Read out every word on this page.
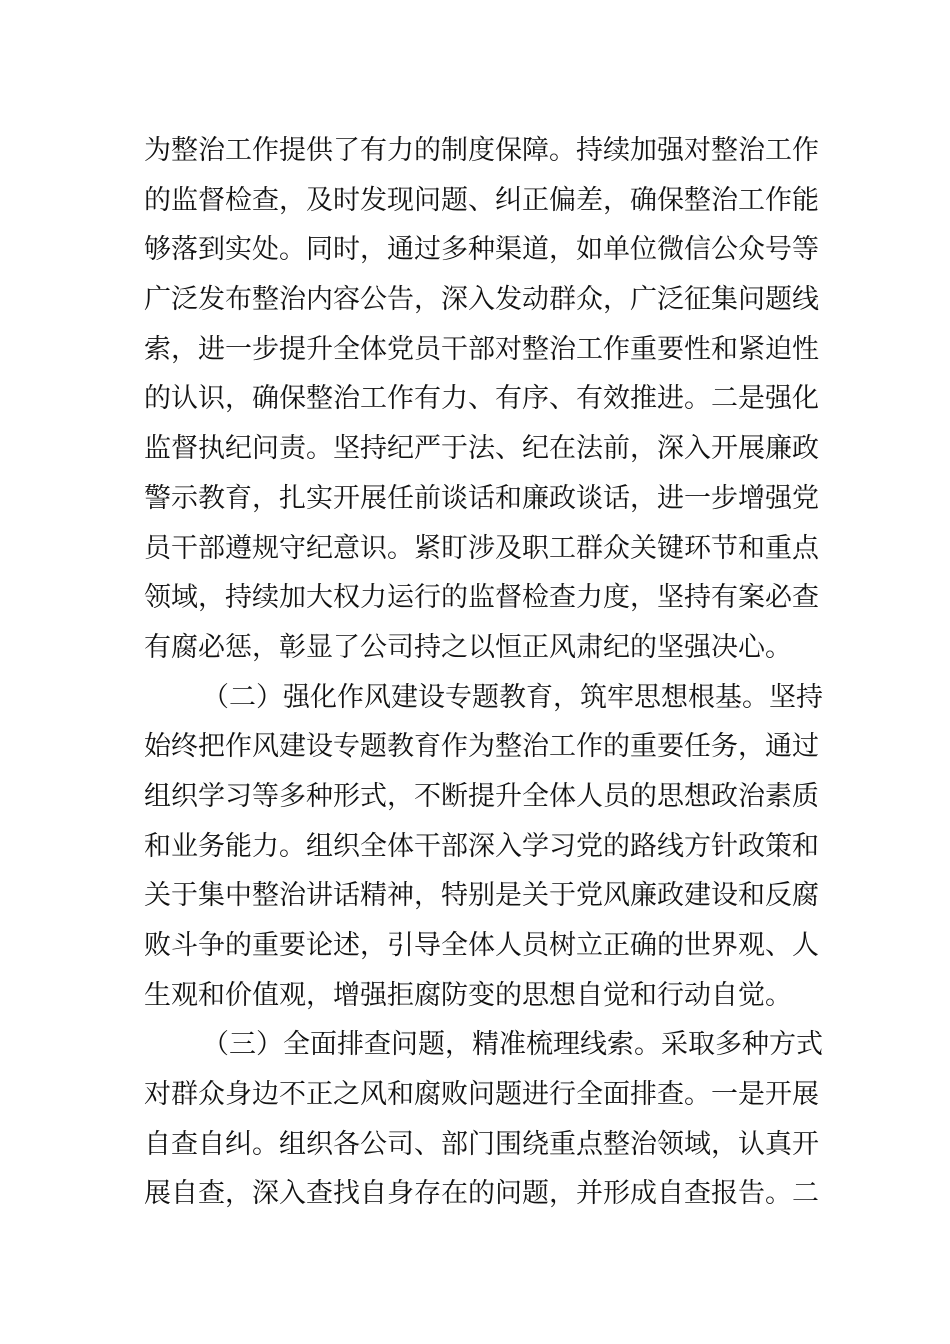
为整治工作提供了有力的制度保障。持续加强对整治工作
的监督检查，及时发现问题、纠正偏差，确保整治工作能
够落到实处。同时，通过多种渠道，如单位微信公众号等
广泛发布整治内容公告，深入发动群众，广泛征集问题线
索，进一步提升全体党员干部对整治工作重要性和紧迫性
的认识，确保整治工作有力、有序、有效推进。二是强化
监督执纪问责。坚持纪严于法、纪在法前，深入开展廉政
警示教育，扎实开展任前谈话和廉政谈话，进一步增强党
员干部遵规守纪意识。紧盯涉及职工群众关键环节和重点
领域，持续加大权力运行的监督检查力度，坚持有案必查
有腐必惩，彰显了公司持之以恒正风肃纪的坚强决心。
（二）强化作风建设专题教育，筑牢思想根基。坚持
始终把作风建设专题教育作为整治工作的重要任务，通过
组织学习等多种形式，不断提升全体人员的思想政治素质
和业务能力。组织全体干部深入学习党的路线方针政策和
关于集中整治讲话精神，特别是关于党风廉政建设和反腐
败斗争的重要论述，引导全体人员树立正确的世界观、人
生观和价值观，增强拒腐防变的思想自觉和行动自觉。
（三）全面排查问题，精准梳理线索。采取多种方式
对群众身边不正之风和腐败问题进行全面排查。一是开展
自查自纠。组织各公司、部门围绕重点整治领域，认真开
展自查，深入查找自身存在的问题，并形成自查报告。二
